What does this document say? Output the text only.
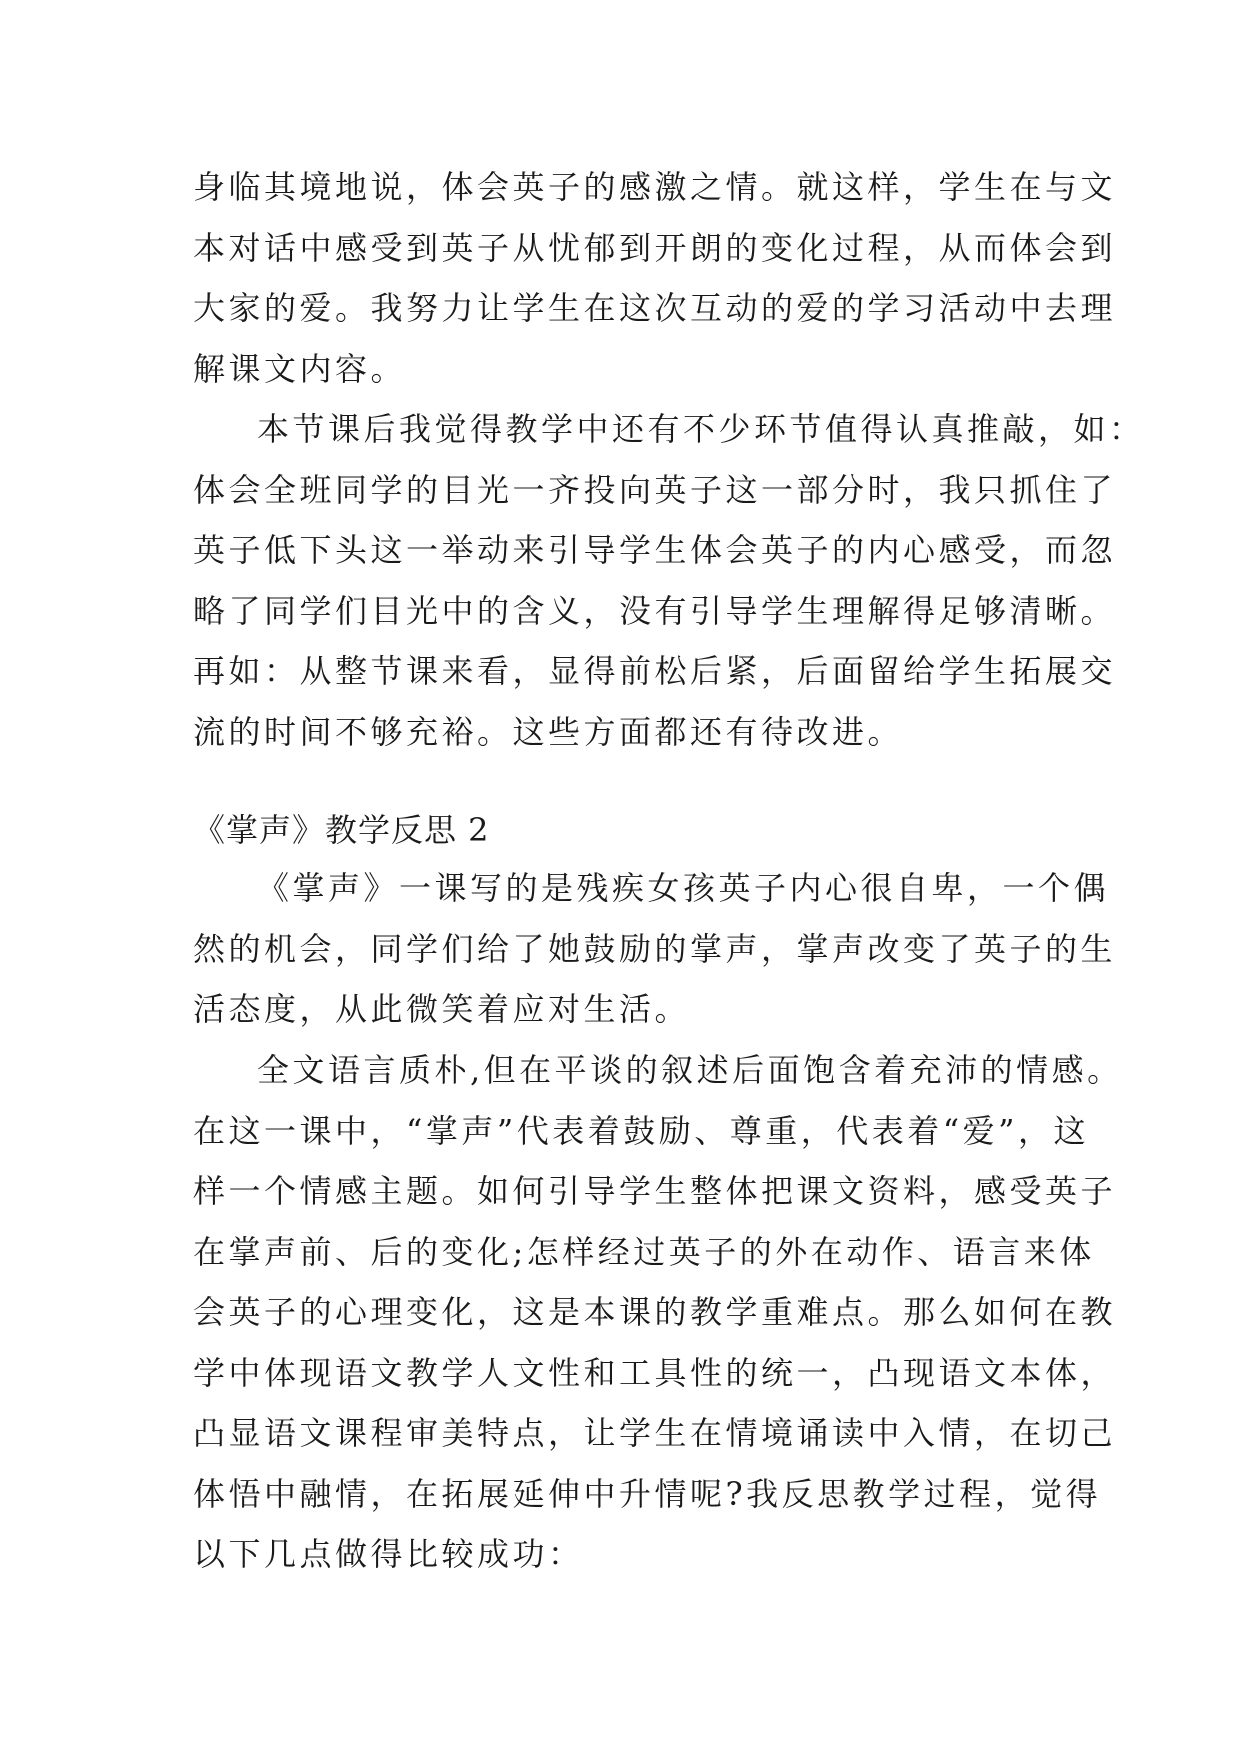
身临其境地说，体会英子的感激之情。就这样，学生在与文
本对话中感受到英子从忧郁到开朗的变化过程，从而体会到
大家的爱。我努力让学生在这次互动的爱的学习活动中去理
解课文内容。
本节课后我觉得教学中还有不少环节值得认真推敲，如：
体会全班同学的目光一齐投向英子这一部分时，我只抓住了
英子低下头这一举动来引导学生体会英子的内心感受，而忽
略了同学们目光中的含义，没有引导学生理解得足够清晰。
再如：从整节课来看，显得前松后紧，后面留给学生拓展交
流的时间不够充裕。这些方面都还有待改进。
《掌声》教学反思 2
《掌声》一课写的是残疾女孩英子内心很自卑，一个偶
然的机会，同学们给了她鼓励的掌声，掌声改变了英子的生
活态度，从此微笑着应对生活。
全文语言质朴,但在平谈的叙述后面饱含着充沛的情感。
在这一课中，“掌声”代表着鼓励、尊重，代表着“爱”，这
样一个情感主题。如何引导学生整体把课文资料，感受英子
在掌声前、后的变化;怎样经过英子的外在动作、语言来体
会英子的心理变化，这是本课的教学重难点。那么如何在教
学中体现语文教学人文性和工具性的统一，凸现语文本体，
凸显语文课程审美特点，让学生在情境诵读中入情，在切己
体悟中融情，在拓展延伸中升情呢?我反思教学过程，觉得
以下几点做得比较成功：
